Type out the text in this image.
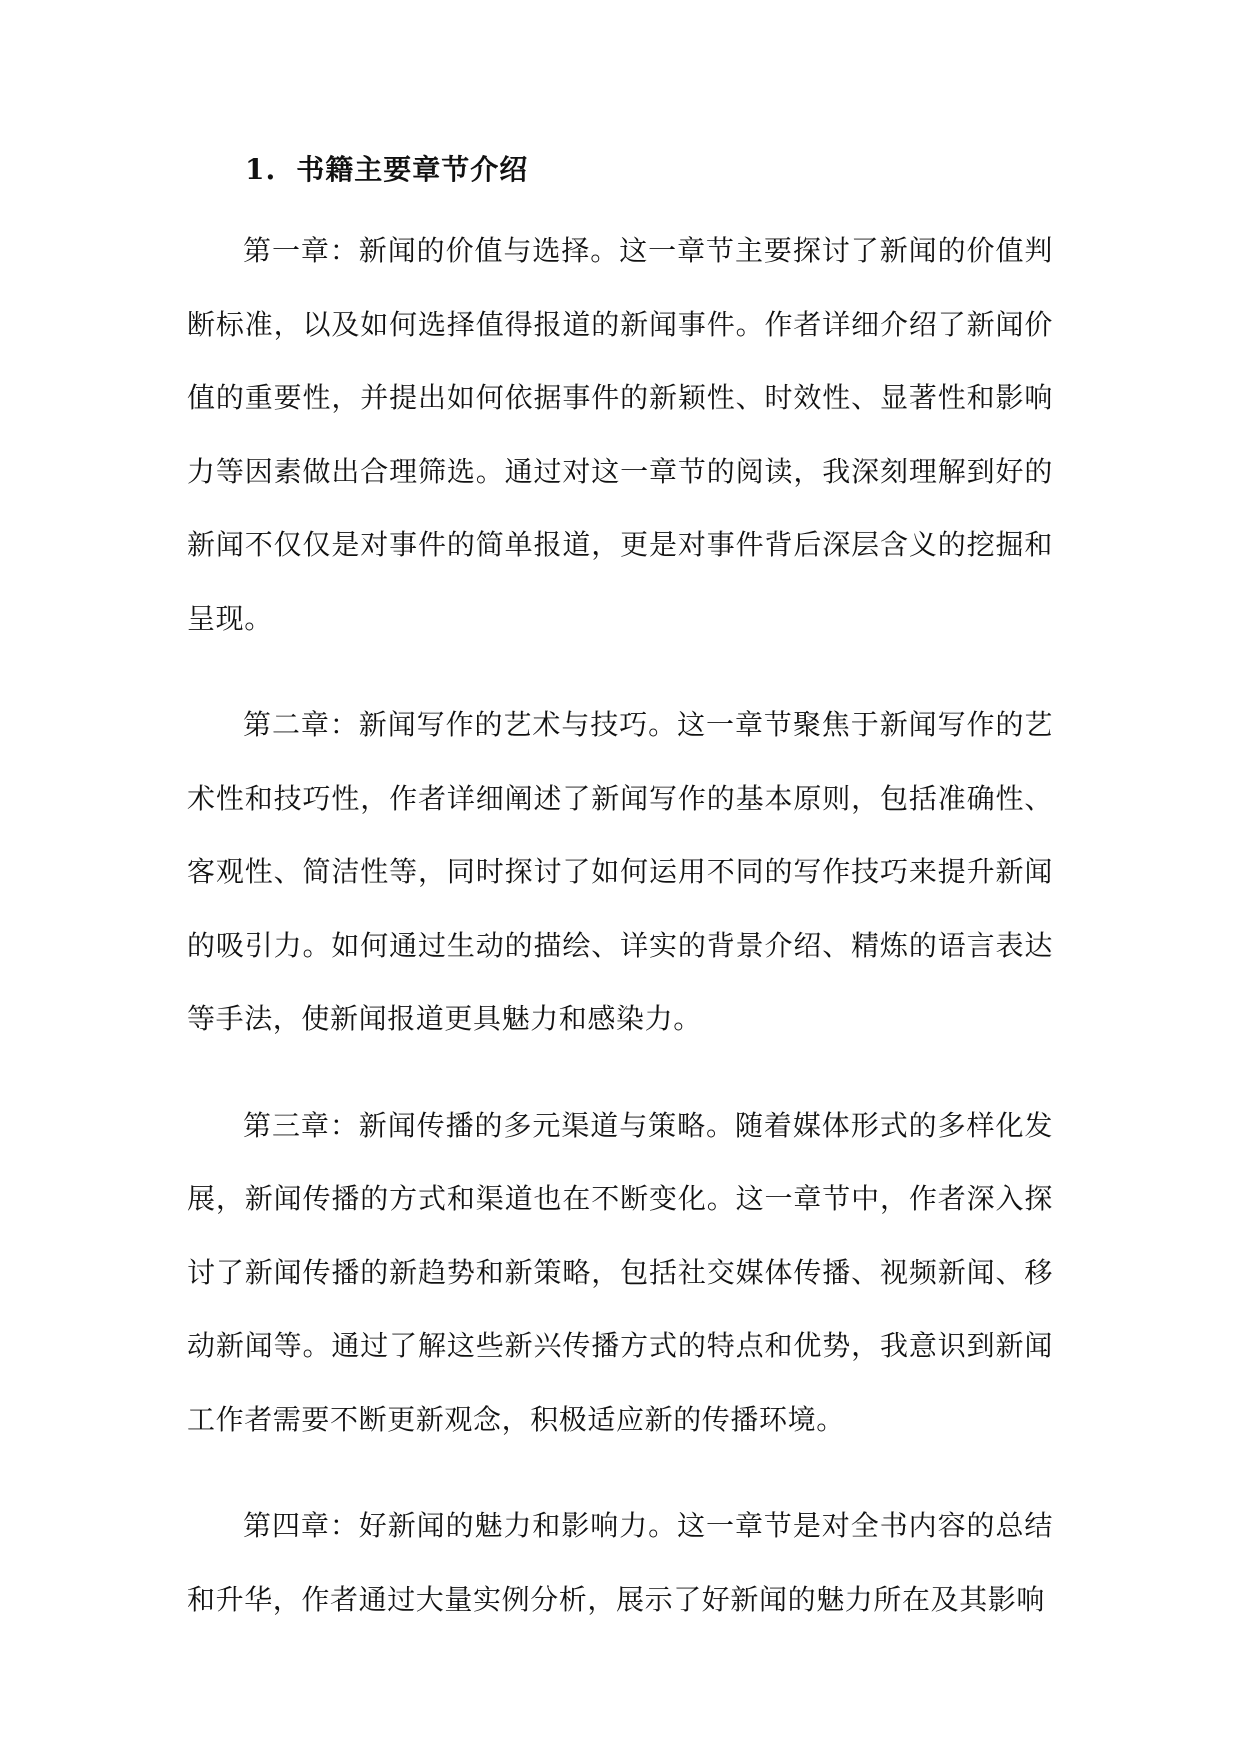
1. 书籍主要章节介绍

第一章：新闻的价值与选择。这一章节主要探讨了新闻的价值判断标准，以及如何选择值得报道的新闻事件。作者详细介绍了新闻价值的重要性，并提出如何依据事件的新颖性、时效性、显著性和影响力等因素做出合理筛选。通过对这一章节的阅读，我深刻理解到好的新闻不仅仅是对事件的简单报道，更是对事件背后深层含义的挖掘和呈现。

第二章：新闻写作的艺术与技巧。这一章节聚焦于新闻写作的艺术性和技巧性，作者详细阐述了新闻写作的基本原则，包括准确性、客观性、简洁性等，同时探讨了如何运用不同的写作技巧来提升新闻的吸引力。如何通过生动的描绘、详实的背景介绍、精炼的语言表达等手法，使新闻报道更具魅力和感染力。

第三章：新闻传播的多元渠道与策略。随着媒体形式的多样化发展，新闻传播的方式和渠道也在不断变化。这一章节中，作者深入探讨了新闻传播的新趋势和新策略，包括社交媒体传播、视频新闻、移动新闻等。通过了解这些新兴传播方式的特点和优势，我意识到新闻工作者需要不断更新观念，积极适应新的传播环境。

第四章：好新闻的魅力和影响力。这一章节是对全书内容的总结和升华，作者通过大量实例分析，展示了好新闻的魅力所在及其影响
